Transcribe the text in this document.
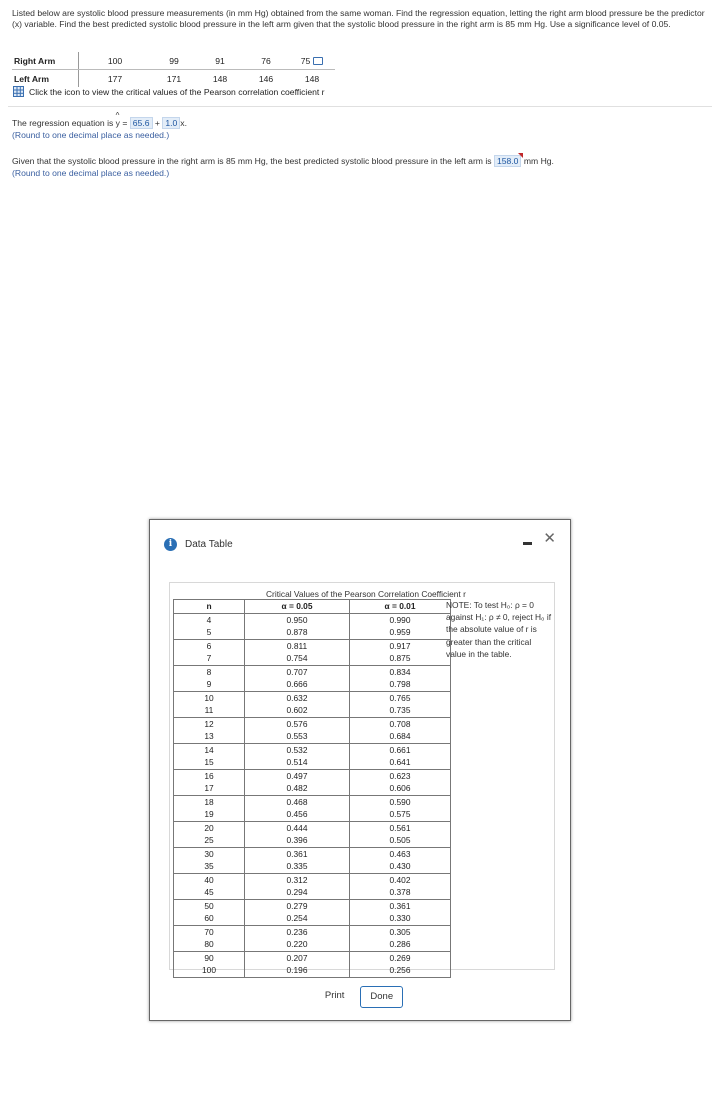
Listed below are systolic blood pressure measurements (in mm Hg) obtained from the same woman. Find the regression equation, letting the right arm blood pressure be the predictor (x) variable. Find the best predicted systolic blood pressure in the left arm given that the systolic blood pressure in the right arm is 85 mm Hg. Use a significance level of 0.05.
Right Arm	100	99	91	76	75
Left Arm	177	171	148	146	148
Click the icon to view the critical values of the Pearson correlation coefficient r
The regression equation is ^ y = 65.6 + 1.0 x.
(Round to one decimal place as needed.)
Given that the systolic blood pressure in the right arm is 85 mm Hg, the best predicted systolic blood pressure in the left arm is 158.0 mm Hg.
(Round to one decimal place as needed.)
i	Data Table	✕
Critical Values of the Pearson Correlation Coefficient r
n	α = 0.05	α = 0.01
4	0.950	0.990
5	0.878	0.959
6	0.811	0.917
7	0.754	0.875
8	0.707	0.834
9	0.666	0.798
10	0.632	0.765
11	0.602	0.735
12	0.576	0.708
13	0.553	0.684
14	0.532	0.661
15	0.514	0.641
16	0.497	0.623
17	0.482	0.606
18	0.468	0.590
19	0.456	0.575
20	0.444	0.561
25	0.396	0.505
30	0.361	0.463
35	0.335	0.430
40	0.312	0.402
45	0.294	0.378
50	0.279	0.361
60	0.254	0.330
70	0.236	0.305
80	0.220	0.286
90	0.207	0.269
100	0.196	0.256
NOTE: To test H₀: ρ = 0 against H₁: ρ ≠ 0, reject H₀ if the absolute value of r is greater than the critical value in the table.
Print	Done
